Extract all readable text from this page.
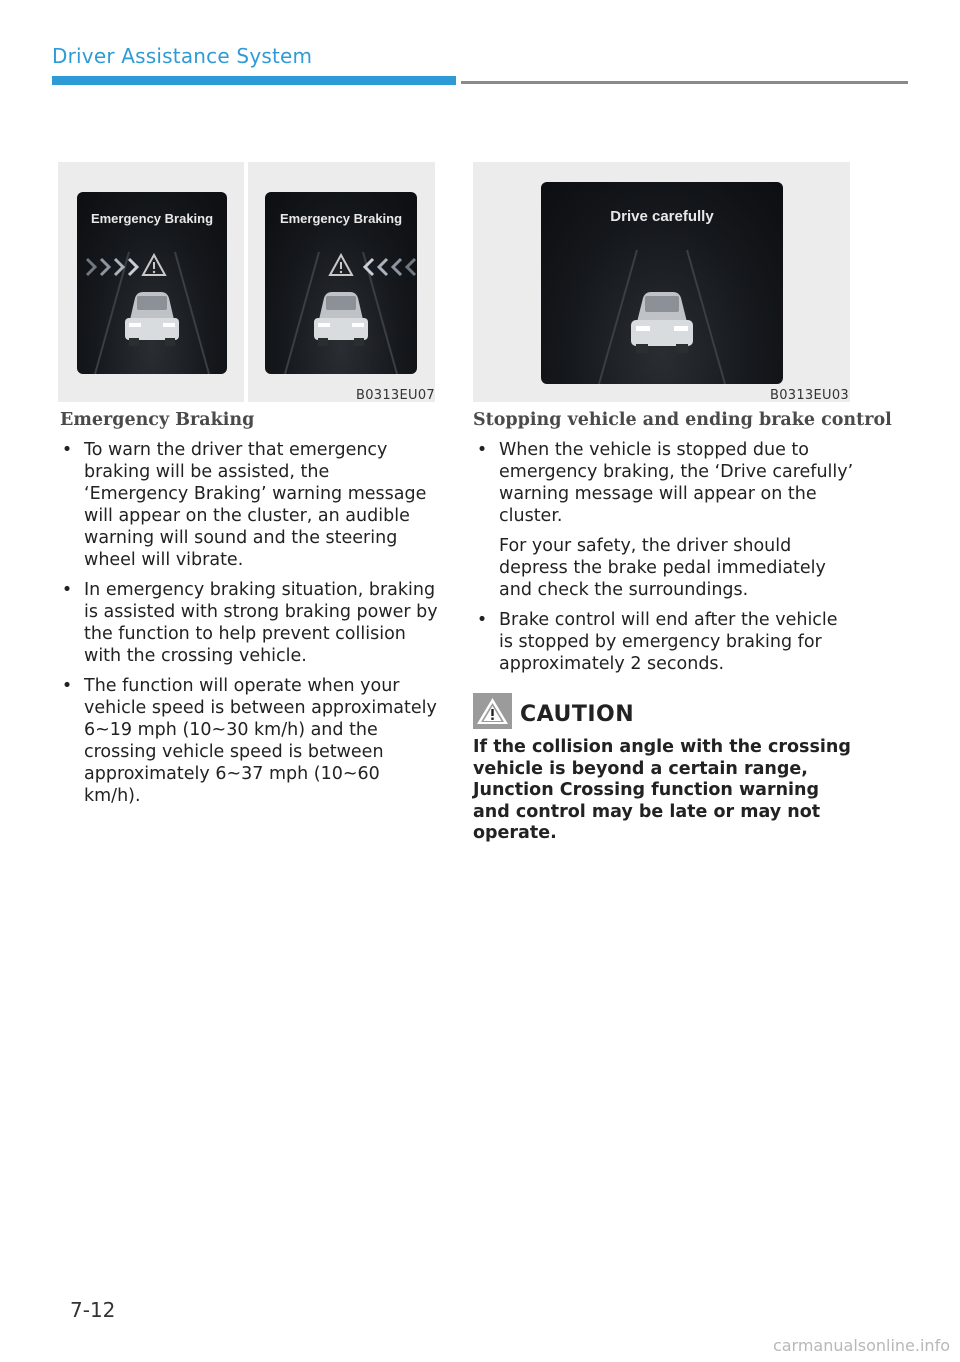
Driver Assistance System
Emergency Braking	Emergency Braking
B0313EU07
Drive carefully
B0313EU03
Emergency Braking
• To warn the driver that emergency braking will be assisted, the ‘Emergency Braking’ warning message will appear on the cluster, an audible warning will sound and the steering wheel will vibrate.
• In emergency braking situation, braking is assisted with strong braking power by the function to help prevent collision with the crossing vehicle.
• The function will operate when your vehicle speed is between approximately 6~19 mph (10~30 km/h) and the crossing vehicle speed is between approximately 6~37 mph (10~60 km/h).
Stopping vehicle and ending brake control
• When the vehicle is stopped due to emergency braking, the ‘Drive carefully’ warning message will appear on the cluster.
For your safety, the driver should depress the brake pedal immediately and check the surroundings.
• Brake control will end after the vehicle is stopped by emergency braking for approximately 2 seconds.
CAUTION
If the collision angle with the crossing vehicle is beyond a certain range, Junction Crossing function warning and control may be late or may not operate.
7-12
carmanualsonline.info
